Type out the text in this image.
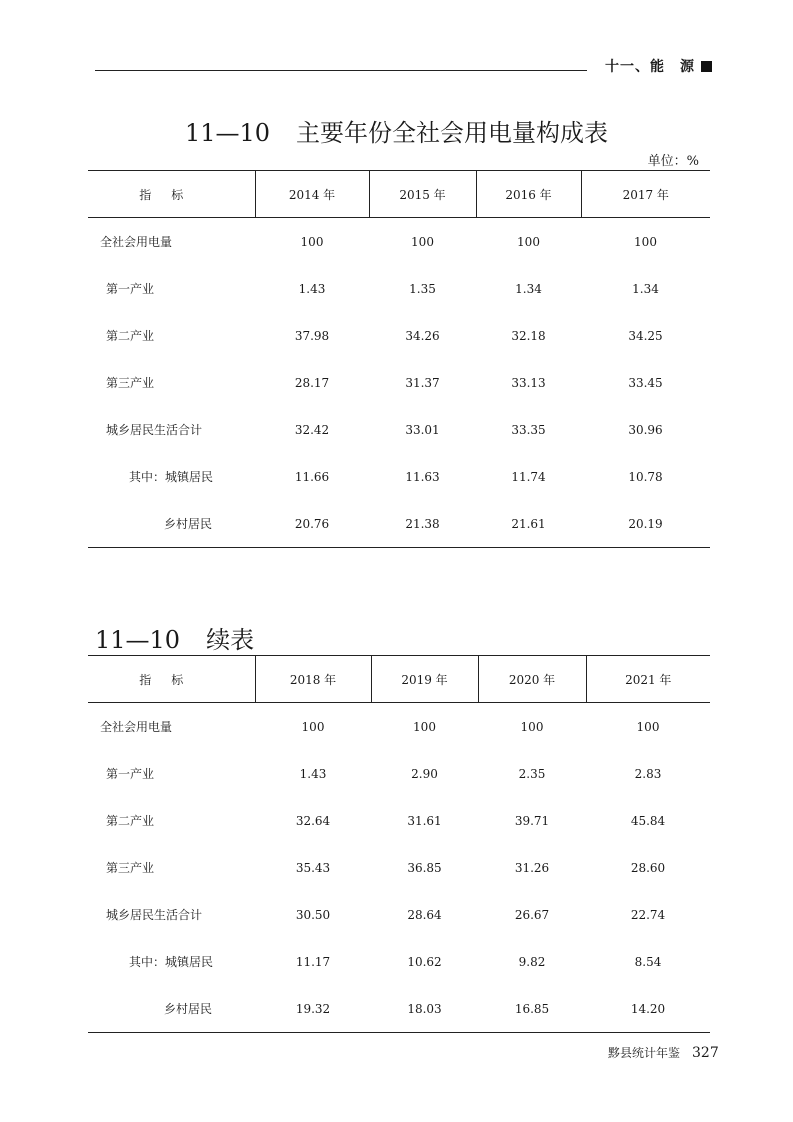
十一、能　源
11—10 主要年份全社会用电量构成表
单位：%
指标	2014 年	2015 年	2016 年	2017 年
全社会用电量	100	100	100	100
第一产业	1.43	1.35	1.34	1.34
第二产业	37.98	34.26	32.18	34.25
第三产业	28.17	31.37	33.13	33.45
城乡居民生活合计	32.42	33.01	33.35	30.96
其中：城镇居民	11.66	11.63	11.74	10.78
乡村居民	20.76	21.38	21.61	20.19
11—10 续表
指标	2018 年	2019 年	2020 年	2021 年
全社会用电量	100	100	100	100
第一产业	1.43	2.90	2.35	2.83
第二产业	32.64	31.61	39.71	45.84
第三产业	35.43	36.85	31.26	28.60
城乡居民生活合计	30.50	28.64	26.67	22.74
其中：城镇居民	11.17	10.62	9.82	8.54
乡村居民	19.32	18.03	16.85	14.20
黟县统计年鉴 327
